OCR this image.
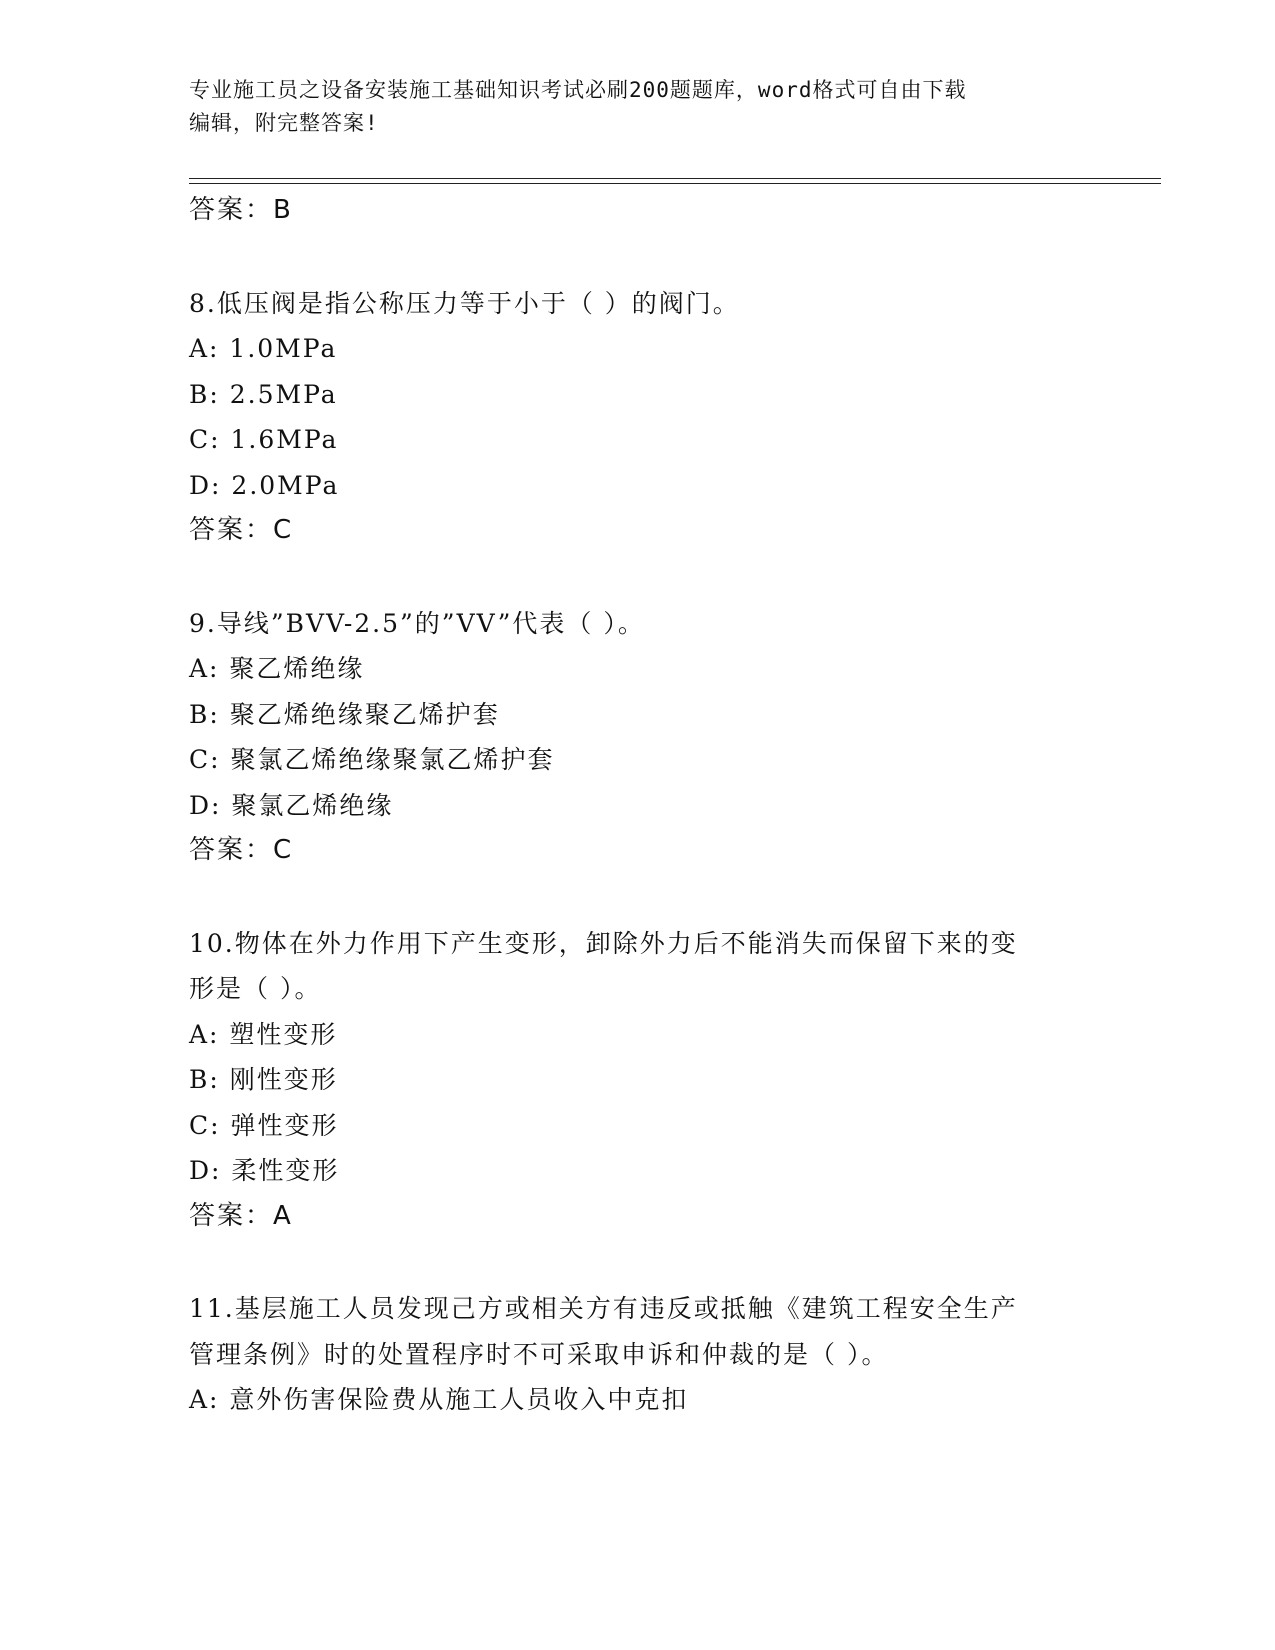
专业施工员之设备安装施工基础知识考试必刷200题题库，word格式可自由下载
编辑，附完整答案!
答案：B
8.低压阀是指公称压力等于小于（ ）的阀门。
A: 1.0MPa
B: 2.5MPa
C: 1.6MPa
D: 2.0MPa
答案：C
9.导线”BVV-2.5”的”VV”代表（ ）。
A: 聚乙烯绝缘
B: 聚乙烯绝缘聚乙烯护套
C: 聚氯乙烯绝缘聚氯乙烯护套
D: 聚氯乙烯绝缘
答案：C
10.物体在外力作用下产生变形，卸除外力后不能消失而保留下来的变
形是（ ）。
A: 塑性变形
B: 刚性变形
C: 弹性变形
D: 柔性变形
答案：A
11.基层施工人员发现己方或相关方有违反或抵触《建筑工程安全生产
管理条例》时的处置程序时不可采取申诉和仲裁的是（ ）。
A: 意外伤害保险费从施工人员收入中克扣
